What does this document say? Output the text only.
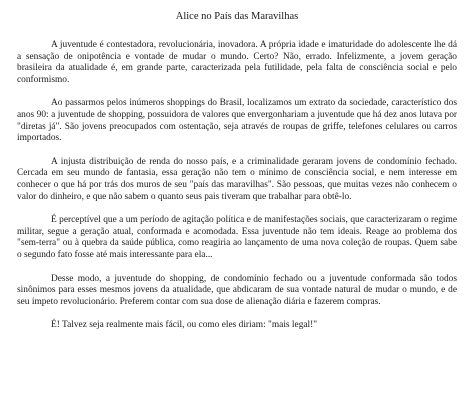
Alice no País das Maravilhas

A juventude é contestadora, revolucionária, inovadora. A própria idade e imaturidade do adolescente lhe dá a sensação de onipotência e vontade de mudar o mundo. Certo? Não, errado. Infelizmente, a jovem geração brasileira da atualidade é, em grande parte, caracterizada pela futilidade, pela falta de consciência social e pelo conformismo.

Ao passarmos pelos inúmeros shoppings do Brasil, localizamos um extrato da sociedade, característico dos anos 90: a juventude de shopping, possuidora de valores que envergonhariam a juventude que há dez anos lutava por "diretas já". São jovens preocupados com ostentação, seja através de roupas de griffe, telefones celulares ou carros importados.

A injusta distribuição de renda do nosso país, e a criminalidade geraram jovens de condomínio fechado. Cercada em seu mundo de fantasia, essa geração não tem o mínimo de consciência social, e nem interesse em conhecer o que há por trás dos muros de seu "país das maravilhas". São pessoas, que muitas vezes não conhecem o valor do dinheiro, e que não sabem o quanto seus pais tiveram que trabalhar para obtê-lo.

É perceptível que a um período de agitação política e de manifestações sociais, que caracterizaram o regime militar, segue a geração atual, conformada e acomodada. Essa juventude não tem ideais. Reage ao problema dos "sem-terra" ou à quebra da saúde pública, como reagiria ao lançamento de uma nova coleção de roupas. Quem sabe o segundo fato fosse até mais interessante para ela...

Desse modo, a juventude do shopping, de condomínio fechado ou a juventude conformada são todos sinônimos para esses mesmos jovens da atualidade, que abdicaram de sua vontade natural de mudar o mundo, e de seu ímpeto revolucionário. Preferem contar com sua dose de alienação diária e fazerem compras.

É! Talvez seja realmente mais fácil, ou como eles diriam: "mais legal!"
